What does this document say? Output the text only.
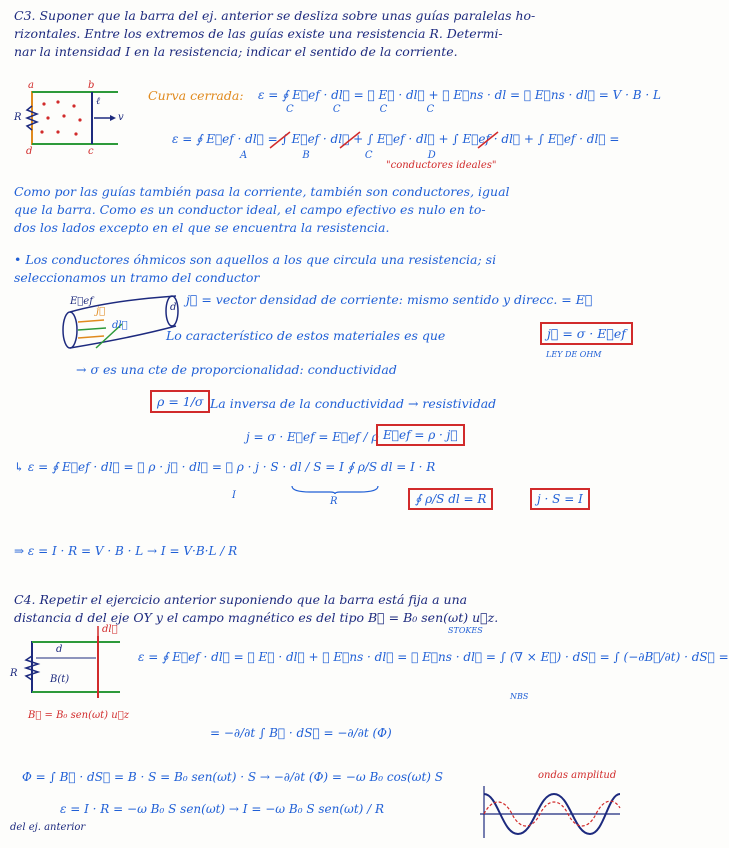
C3. Suponer que la barra del ej. anterior se desliza sobre unas guías paralelas ho-
rizontales. Entre los extremos de las guías existe una resistencia R. Determi-
nar la intensidad I en la resistencia; indicar el sentido de la corriente.
R
ℓ
v
a	b
c
d
Curva cerrada: ε = ∮ E⃗ef · dl⃗ = ∮ E⃗ · dl⃗ + ∮ E⃗ns · dl = ∮ E⃗ns · dl⃗ = V · B · L
C C C C
ε = ∮ E⃗ef · dl⃗ = ∫ E⃗ef · dl⃗ + ∫ E⃗ef · dl⃗ + ∫ E⃗ef · dl⃗ + ∫ E⃗ef · dl⃗ =
A B C D
"conductores ideales"
Como por las guías también pasa la corriente, también son conductores, igual
que la barra. Como es un conductor ideal, el campo efectivo es nulo en to-
dos los lados excepto en el que se encuentra la resistencia.
• Los conductores óhmicos son aquellos a los que circula una resistencia; si
seleccionamos un tramo del conductor
E⃗ef
dl⃗
j⃗	d
j⃗ = vector densidad de corriente: mismo sentido y direcc. = E⃗
Lo característico de estos materiales es que	j⃗ = σ · E⃗ef
LEY DE OHM
→ σ es una cte de proporcionalidad: conductividad
ρ = 1/σ La inversa de la conductividad → resistividad
j = σ · E⃗ef = E⃗ef / ρ E⃗ef = ρ · j⃗
↳ ε = ∮ E⃗ef · dl⃗ = ∮ ρ · j⃗ · dl⃗ = ∮ ρ · j · S · dl / S = I ∮ ρ/S dl = I · R
I
R	∮ ρ/S dl = R	j · S = I
⇒ ε = I · R = V · B · L → I = V·B·L / R
C4. Repetir el ejercicio anterior suponiendo que la barra está fija a una
distancia d del eje OY y el campo magnético es del tipo B⃗ = B₀ sen(ωt) u⃗z.
R
d
dl⃗
B(t)
B⃗ = B₀ sen(ωt) u⃗z
STOKES
ε = ∮ E⃗ef · dl⃗ = ∮ E⃗ · dl⃗ + ∮ E⃗ns · dl⃗ = ∮ E⃗ns · dl⃗ = ∫ (∇ × E⃗) · dS⃗ = ∫ (−∂B⃗/∂t) · dS⃗ =
NBS
= −∂/∂t ∫ B⃗ · dS⃗ = −∂/∂t (Φ)
Φ = ∫ B⃗ · dS⃗ = B · S = B₀ sen(ωt) · S → −∂/∂t (Φ) = −ω B₀ cos(ωt) S
ε = I · R = −ω B₀ S sen(ωt) → I = −ω B₀ S sen(ωt) / R
del ej. anterior
ondas amplitud
